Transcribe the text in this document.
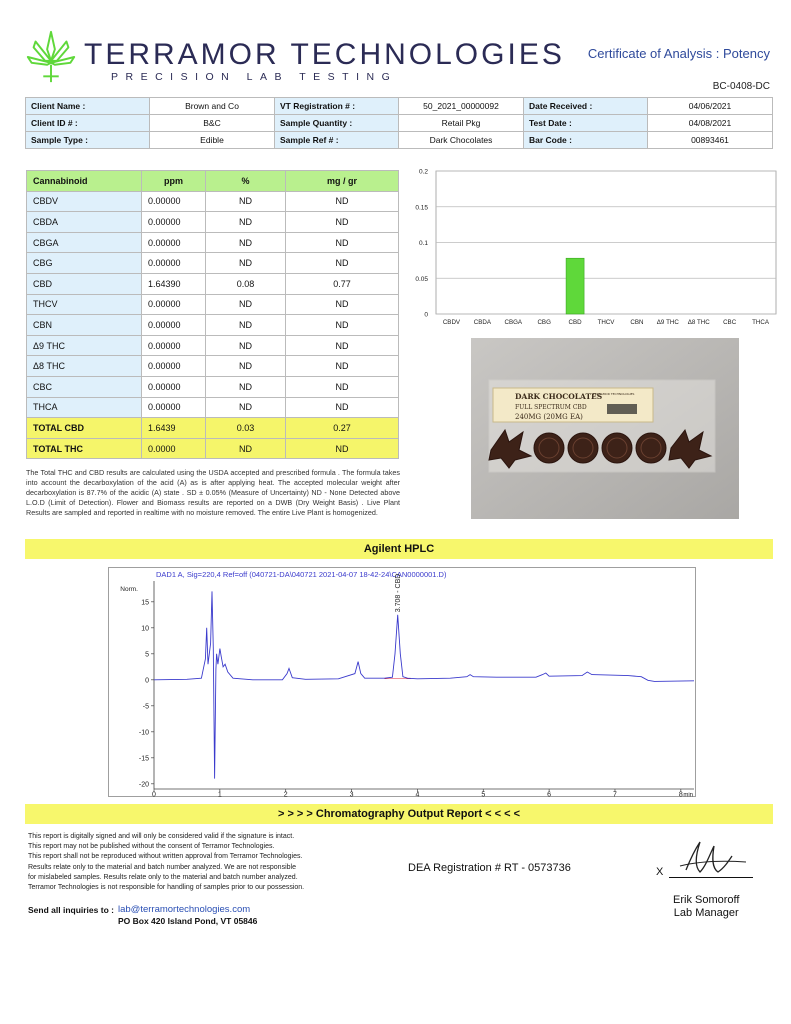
TERRAMOR TECHNOLOGIES
PRECISION LAB TESTING
Certificate of Analysis : Potency
BC-0408-DC
Client Name :	Brown and Co	VT Registration # :	50_2021_00000092	Date Received :	04/06/2021
Client ID # :	B&C	Sample Quantity :	Retail Pkg	Test Date :	04/08/2021
Sample Type :	Edible	Sample Ref # :	Dark Chocolates	Bar Code :	00893461
Cannabinoid	ppm	%	mg / gr
CBDV	0.00000	ND	ND
CBDA	0.00000	ND	ND
CBGA	0.00000	ND	ND
CBG	0.00000	ND	ND
CBD	1.64390	0.08	0.77
THCV	0.00000	ND	ND
CBN	0.00000	ND	ND
Δ9 THC	0.00000	ND	ND
Δ8 THC	0.00000	ND	ND
CBC	0.00000	ND	ND
THCA	0.00000	ND	ND
TOTAL CBD	1.6439	0.03	0.27
TOTAL THC	0.0000	ND	ND
The Total THC and CBD results are calculated using the USDA accepted and prescribed formula . The formula takes into account the decarboxylation of the acid (A) as is after applying heat. The accepted molecular weight after decarboxylation is 87.7% of the acidic (A) state . SD ± 0.05% (Measure of Uncertainty) ND - None Detected above L.O.D (Limit of Detection). Flower and Biomass results are reported on a DWB (Dry Weight Basis) . Live Plant Results are sampled and reported in realtime with no moisture removed. The entire Live Plant is homogenized.
0
0.05
0.1
0.15
0.2
CBDV CBDA CBGA CBG	CBD	THCV	CBN Δ9 THC Δ8 THC CBC	THCA
DARK CHOCOLATES
FULL SPECTRUM CBD
240MG (20MG EA)
TERRAMOR TECHNOLOGIES
Agilent HPLC
DAD1 A, Sig=220,4 Ref=off (040721-DA\040721 2021-04-07 18-42-24\CAN0000001.D)
Norm.
-20
-15
-10
-5
0
5
10
15
0	1	2	3	4	5	6	7	8 min
3.708 - CBD
> > > > Chromatography Output Report < < < <
This report is digitally signed and will only be considered valid if the signature is intact.
This report may not be published without the consent of Terramor Technologies.
This report shall not be reproduced without written approval from Terramor Technologies.
Results relate only to the material and batch number analyzed. We are not responsible
for mislabeled samples. Results relate only to the material and batch number analyzed.
Terramor Technologies is not responsible for handling of samples prior to our possession.
DEA Registration # RT - 0573736	X
Erik Somoroff
Lab Manager
Send all inquiries to : lab@terramortechnologies.com
PO Box 420 Island Pond, VT 05846
